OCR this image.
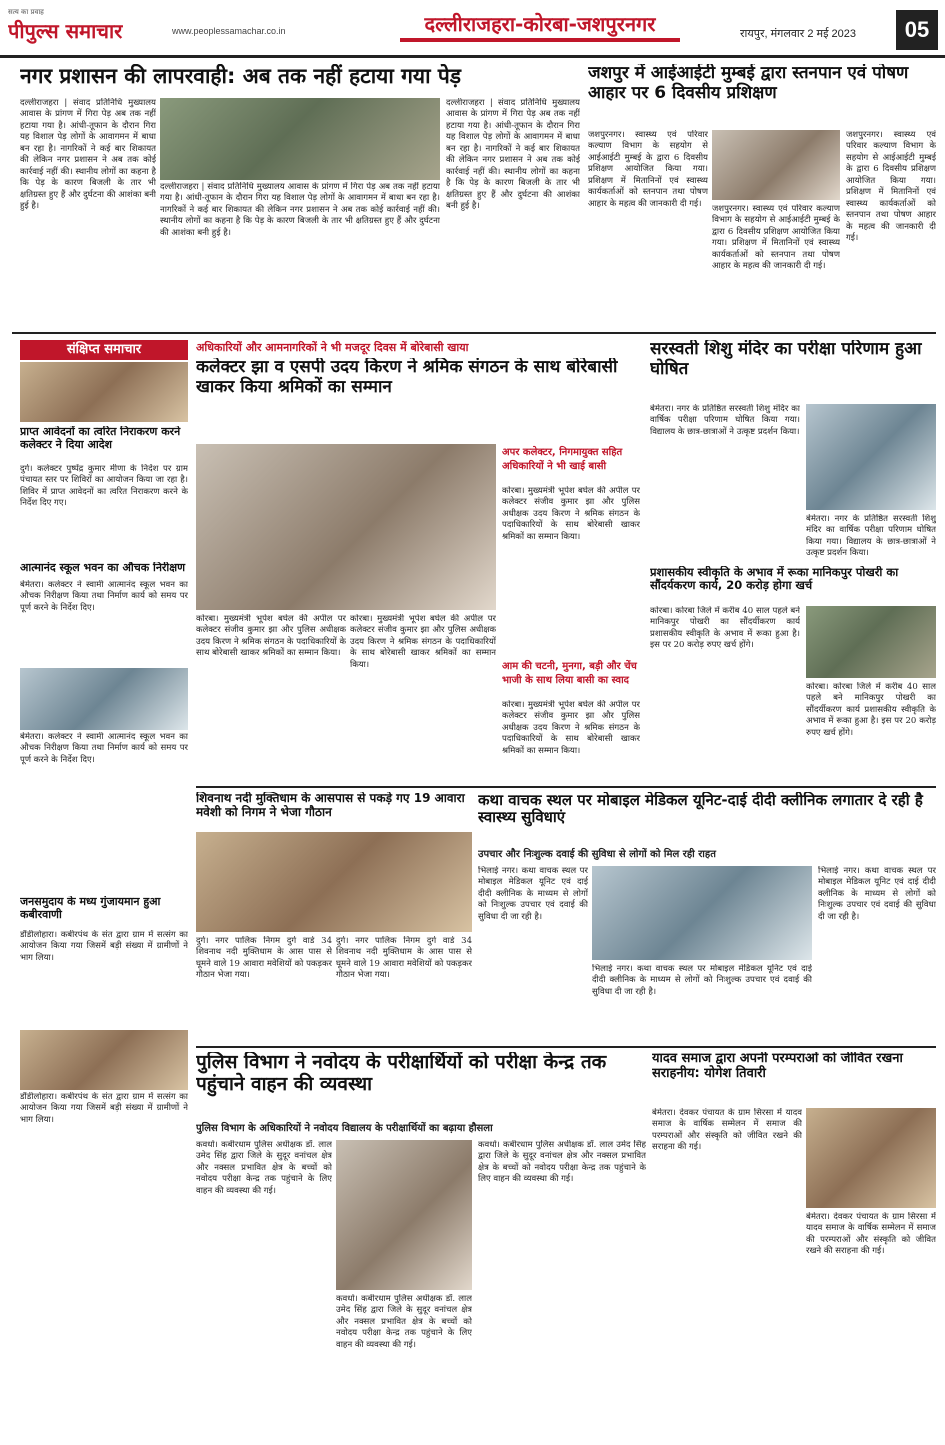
सत्य का प्रवाह
पीपुल्स समाचार	www.peoplessamachar.co.in	दल्लीराजहरा-कोरबा-जशपुरनगर	रायपुर, मंगलवार 2 मई 2023	05
नगर प्रशासन की लापरवाही: अब तक नहीं हटाया गया पेड़
दल्लीराजहरा | संवाद प्रतिनिधि मुख्यालय आवास के प्रांगण में गिरा पेड़ अब तक नहीं हटाया गया है। आंधी-तूफान के दौरान गिरा यह विशाल पेड़ लोगों के आवागमन में बाधा बन रहा है। नागरिकों ने कई बार शिकायत की लेकिन नगर प्रशासन ने अब तक कोई कार्रवाई नहीं की। स्थानीय लोगों का कहना है कि पेड़ के कारण बिजली के तार भी क्षतिग्रस्त हुए हैं और दुर्घटना की आशंका बनी हुई है।
दल्लीराजहरा | संवाद प्रतिनिधि मुख्यालय आवास के प्रांगण में गिरा पेड़ अब तक नहीं हटाया गया है। आंधी-तूफान के दौरान गिरा यह विशाल पेड़ लोगों के आवागमन में बाधा बन रहा है। नागरिकों ने कई बार शिकायत की लेकिन नगर प्रशासन ने अब तक कोई कार्रवाई नहीं की। स्थानीय लोगों का कहना है कि पेड़ के कारण बिजली के तार भी क्षतिग्रस्त हुए हैं और दुर्घटना की आशंका बनी हुई है।
दल्लीराजहरा | संवाद प्रतिनिधि मुख्यालय आवास के प्रांगण में गिरा पेड़ अब तक नहीं हटाया गया है। आंधी-तूफान के दौरान गिरा यह विशाल पेड़ लोगों के आवागमन में बाधा बन रहा है। नागरिकों ने कई बार शिकायत की लेकिन नगर प्रशासन ने अब तक कोई कार्रवाई नहीं की। स्थानीय लोगों का कहना है कि पेड़ के कारण बिजली के तार भी क्षतिग्रस्त हुए हैं और दुर्घटना की आशंका बनी हुई है।
जशपुर में आईआईटी मुम्बई द्वारा स्तनपान एवं पोषण आहार पर 6 दिवसीय प्रशिक्षण
जशपुरनगर। स्वास्थ्य एवं परिवार कल्याण विभाग के सहयोग से आईआईटी मुम्बई के द्वारा 6 दिवसीय प्रशिक्षण आयोजित किया गया। प्रशिक्षण में मितानिनों एवं स्वास्थ्य कार्यकर्ताओं को स्तनपान तथा पोषण आहार के महत्व की जानकारी दी गई।
जशपुरनगर। स्वास्थ्य एवं परिवार कल्याण विभाग के सहयोग से आईआईटी मुम्बई के द्वारा 6 दिवसीय प्रशिक्षण आयोजित किया गया। प्रशिक्षण में मितानिनों एवं स्वास्थ्य कार्यकर्ताओं को स्तनपान तथा पोषण आहार के महत्व की जानकारी दी गई।
जशपुरनगर। स्वास्थ्य एवं परिवार कल्याण विभाग के सहयोग से आईआईटी मुम्बई के द्वारा 6 दिवसीय प्रशिक्षण आयोजित किया गया। प्रशिक्षण में मितानिनों एवं स्वास्थ्य कार्यकर्ताओं को स्तनपान तथा पोषण आहार के महत्व की जानकारी दी गई।
संक्षिप्त समाचार
प्राप्त आवेदनों का त्वरित निराकरण करने कलेक्टर ने दिया आदेश
दुर्ग। कलेक्टर पुष्पेंद्र कुमार मीणा के निर्देश पर ग्राम पंचायत स्तर पर शिविरों का आयोजन किया जा रहा है। शिविर में प्राप्त आवेदनों का त्वरित निराकरण करने के निर्देश दिए गए।
आत्मानंद स्कूल भवन का औचक निरीक्षण
बेमेतरा। कलेक्टर ने स्वामी आत्मानंद स्कूल भवन का औचक निरीक्षण किया तथा निर्माण कार्य को समय पर पूर्ण करने के निर्देश दिए।
बेमेतरा। कलेक्टर ने स्वामी आत्मानंद स्कूल भवन का औचक निरीक्षण किया तथा निर्माण कार्य को समय पर पूर्ण करने के निर्देश दिए।
जनसमुदाय के मध्य गुंजायमान हुआ कबीरवाणी
डौंडीलोहारा। कबीरपंथ के संत द्वारा ग्राम में सत्संग का आयोजन किया गया जिसमें बड़ी संख्या में ग्रामीणों ने भाग लिया।
डौंडीलोहारा। कबीरपंथ के संत द्वारा ग्राम में सत्संग का आयोजन किया गया जिसमें बड़ी संख्या में ग्रामीणों ने भाग लिया।
अधिकारियों और आमनागरिकों ने भी मजदूर दिवस में बोरेबासी खाया
कलेक्टर झा व एसपी उदय किरण ने श्रमिक संगठन के साथ बोरेबासी खाकर किया श्रमिकों का सम्मान
अपर कलेक्टर, निगमायुक्त सहित अधिकारियों ने भी खाई बासी
कोरबा। मुख्यमंत्री भूपेश बघेल की अपील पर कलेक्टर संजीव कुमार झा और पुलिस अधीक्षक उदय किरण ने श्रमिक संगठन के पदाधिकारियों के साथ बोरेबासी खाकर श्रमिकों का सम्मान किया।
आम की चटनी, मुनगा, बड़ी और चेंच भाजी के साथ लिया बासी का स्वाद
कोरबा। मुख्यमंत्री भूपेश बघेल की अपील पर कलेक्टर संजीव कुमार झा और पुलिस अधीक्षक उदय किरण ने श्रमिक संगठन के पदाधिकारियों के साथ बोरेबासी खाकर श्रमिकों का सम्मान किया।
कोरबा। मुख्यमंत्री भूपेश बघेल की अपील पर कलेक्टर संजीव कुमार झा और पुलिस अधीक्षक उदय किरण ने श्रमिक संगठन के पदाधिकारियों के साथ बोरेबासी खाकर श्रमिकों का सम्मान किया।
कोरबा। मुख्यमंत्री भूपेश बघेल की अपील पर कलेक्टर संजीव कुमार झा और पुलिस अधीक्षक उदय किरण ने श्रमिक संगठन के पदाधिकारियों के साथ बोरेबासी खाकर श्रमिकों का सम्मान किया।
सरस्वती शिशु मंदिर का परीक्षा परिणाम हुआ घोषित
बेमेतरा। नगर के प्रतिष्ठित सरस्वती शिशु मंदिर का वार्षिक परीक्षा परिणाम घोषित किया गया। विद्यालय के छात्र-छात्राओं ने उत्कृष्ट प्रदर्शन किया।
बेमेतरा। नगर के प्रतिष्ठित सरस्वती शिशु मंदिर का वार्षिक परीक्षा परिणाम घोषित किया गया। विद्यालय के छात्र-छात्राओं ने उत्कृष्ट प्रदर्शन किया।
प्रशासकीय स्वीकृति के अभाव में रूका मानिकपुर पोखरी का सौंदर्यकरण कार्य, 20 करोड़ होगा खर्च
कोरबा। कोरबा जिले में करीब 40 साल पहले बने मानिकपुर पोखरी का सौंदर्यीकरण कार्य प्रशासकीय स्वीकृति के अभाव में रूका हुआ है। इस पर 20 करोड़ रुपए खर्च होंगे।
कोरबा। कोरबा जिले में करीब 40 साल पहले बने मानिकपुर पोखरी का सौंदर्यीकरण कार्य प्रशासकीय स्वीकृति के अभाव में रूका हुआ है। इस पर 20 करोड़ रुपए खर्च होंगे।
शिवनाथ नदी मुक्तिधाम के आसपास से पकड़े गए 19 आवारा मवेशी को निगम ने भेजा गौठान
दुर्ग। नगर पालिक निगम दुर्ग वार्ड 34 शिवनाथ नदी मुक्तिधाम के आस पास से घूमने वाले 19 आवारा मवेशियों को पकड़कर गौठान भेजा गया।
दुर्ग। नगर पालिक निगम दुर्ग वार्ड 34 शिवनाथ नदी मुक्तिधाम के आस पास से घूमने वाले 19 आवारा मवेशियों को पकड़कर गौठान भेजा गया।
कथा वाचक स्थल पर मोबाइल मेडिकल यूनिट-दाई दीदी क्लीनिक लगातार दे रही है स्वास्थ्य सुविधाएं
उपचार और निःशुल्क दवाई की सुविधा से लोगों को मिल रही राहत
भिलाई नगर। कथा वाचक स्थल पर मोबाइल मेडिकल यूनिट एवं दाई दीदी क्लीनिक के माध्यम से लोगों को निःशुल्क उपचार एवं दवाई की सुविधा दी जा रही है।
भिलाई नगर। कथा वाचक स्थल पर मोबाइल मेडिकल यूनिट एवं दाई दीदी क्लीनिक के माध्यम से लोगों को निःशुल्क उपचार एवं दवाई की सुविधा दी जा रही है।
भिलाई नगर। कथा वाचक स्थल पर मोबाइल मेडिकल यूनिट एवं दाई दीदी क्लीनिक के माध्यम से लोगों को निःशुल्क उपचार एवं दवाई की सुविधा दी जा रही है।
पुलिस विभाग ने नवोदय के परीक्षार्थियों को परीक्षा केन्द्र तक पहुंचाने वाहन की व्यवस्था
पुलिस विभाग के अधिकारियों ने नवोदय विद्यालय के परीक्षार्थियों का बढ़ाया हौसला
कवर्धा। कबीरधाम पुलिस अधीक्षक डॉ. लाल उमेद सिंह द्वारा जिले के सुदूर वनांचल क्षेत्र और नक्सल प्रभावित क्षेत्र के बच्चों को नवोदय परीक्षा केन्द्र तक पहुंचाने के लिए वाहन की व्यवस्था की गई।
कवर्धा। कबीरधाम पुलिस अधीक्षक डॉ. लाल उमेद सिंह द्वारा जिले के सुदूर वनांचल क्षेत्र और नक्सल प्रभावित क्षेत्र के बच्चों को नवोदय परीक्षा केन्द्र तक पहुंचाने के लिए वाहन की व्यवस्था की गई।
कवर्धा। कबीरधाम पुलिस अधीक्षक डॉ. लाल उमेद सिंह द्वारा जिले के सुदूर वनांचल क्षेत्र और नक्सल प्रभावित क्षेत्र के बच्चों को नवोदय परीक्षा केन्द्र तक पहुंचाने के लिए वाहन की व्यवस्था की गई।
यादव समाज द्वारा अपनी परम्पराओं को जीवित रखना सराहनीय: योगेश तिवारी
बेमेतरा। देवकर पंचायत के ग्राम सिरसा में यादव समाज के वार्षिक सम्मेलन में समाज की परम्पराओं और संस्कृति को जीवित रखने की सराहना की गई।
बेमेतरा। देवकर पंचायत के ग्राम सिरसा में यादव समाज के वार्षिक सम्मेलन में समाज की परम्पराओं और संस्कृति को जीवित रखने की सराहना की गई।
